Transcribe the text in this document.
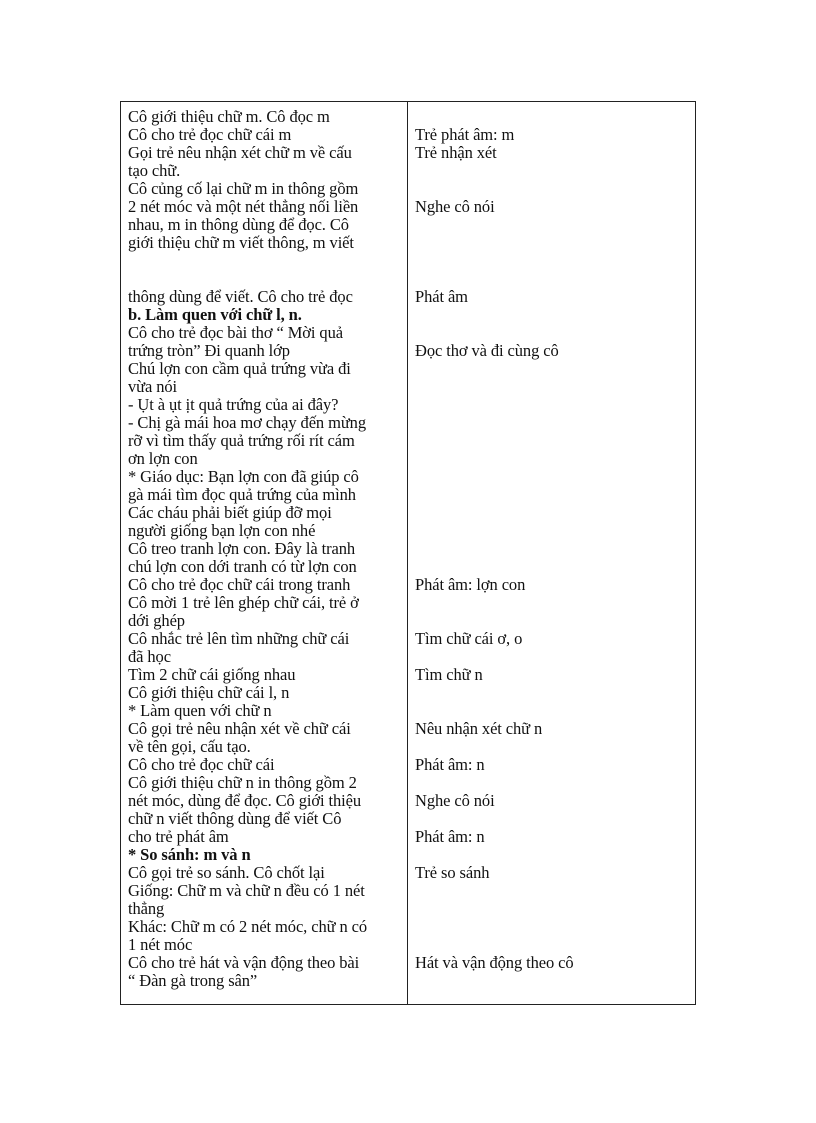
Cô giới thiệu chữ m. Cô đọc m
Cô cho trẻ đọc chữ cái m	Trẻ phát âm: m
Gọi trẻ nêu nhận xét chữ m về cấu	Trẻ nhận xét
tạo chữ.
Cô củng cố lại chữ m in thông gồm
2 nét móc và một nét thẳng nối liền	Nghe cô nói
nhau, m in thông dùng để đọc. Cô
giới thiệu chữ m viết thông, m viết
thông dùng để viết. Cô cho trẻ đọc	Phát âm
b. Làm quen với chữ l, n.
Cô cho trẻ đọc bài thơ “ Mời quả
trứng tròn” Đi quanh lớp	Đọc thơ và đi cùng cô
Chú lợn con cầm quả trứng vừa đi
vừa nói
- Ụt à ụt ịt quả trứng của ai đây?
- Chị gà mái hoa mơ chạy đến mừng
rỡ vì tìm thấy quả trứng rối rít cám
ơn lợn con
* Giáo dục: Bạn lợn con đã giúp cô
gà mái tìm đọc quả trứng của mình
Các cháu phải biết giúp đỡ mọi
người giống bạn lợn con nhé
Cô treo tranh lợn con. Đây là tranh
chú lợn con dới tranh có từ lợn con
Cô cho trẻ đọc chữ cái trong tranh	Phát âm: lợn con
Cô mời 1 trẻ lên ghép chữ cái, trẻ ở
dới ghép
Cô nhắc trẻ lên tìm những chữ cái	Tìm chữ cái ơ, o
đã học
Tìm 2 chữ cái giống nhau	Tìm chữ n
Cô giới thiệu chữ cái l, n
* Làm quen với chữ n
Cô gọi trẻ nêu nhận xét về chữ cái	Nêu nhận xét chữ n
về tên gọi, cấu tạo.
Cô cho trẻ đọc chữ cái	Phát âm: n
Cô giới thiệu chữ n in thông gồm 2
nét móc, dùng để đọc. Cô giới thiệu	Nghe cô nói
chữ n viết thông dùng để viết Cô
cho trẻ phát âm	Phát âm: n
* So sánh: m và n
Cô gọi trẻ so sánh. Cô chốt lại	Trẻ so sánh
Giống: Chữ m và chữ n đều có 1 nét
thẳng
Khác: Chữ m có 2 nét móc, chữ n có
1 nét móc
Cô cho trẻ hát và vận động theo bài	Hát và vận động theo cô
“ Đàn gà trong sân”
